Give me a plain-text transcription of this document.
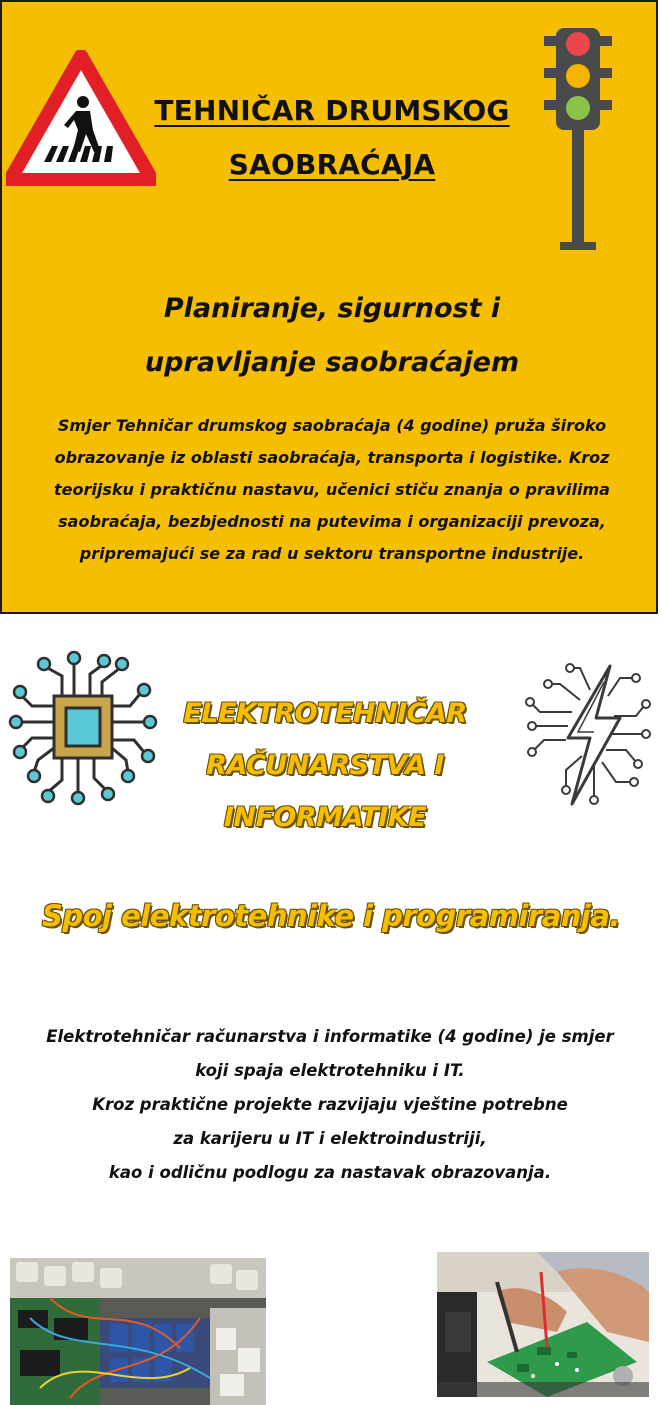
TEHNIČAR DRUMSKOG
SAOBRAĆAJA
Planiranje, sigurnost i
upravljanje saobraćajem
Smjer Tehničar drumskog saobraćaja (4 godine) pruža široko
obrazovanje iz oblasti saobraćaja, transporta i logistike. Kroz
teorijsku i praktičnu nastavu, učenici stiču znanja o pravilima
saobraćaja, bezbjednosti na putevima i organizaciji prevoza,
pripremajući se za rad u sektoru transportne industrije.
ELEKTROTEHNIČAR
RAČUNARSTVA I
INFORMATIKE
Spoj elektrotehnike i programiranja.
Elektrotehničar računarstva i informatike (4 godine) je smjer
koji spaja elektrotehniku i IT.
Kroz praktične projekte razvijaju vještine potrebne
za karijeru u IT i elektroindustriji,
kao i odličnu podlogu za nastavak obrazovanja.
